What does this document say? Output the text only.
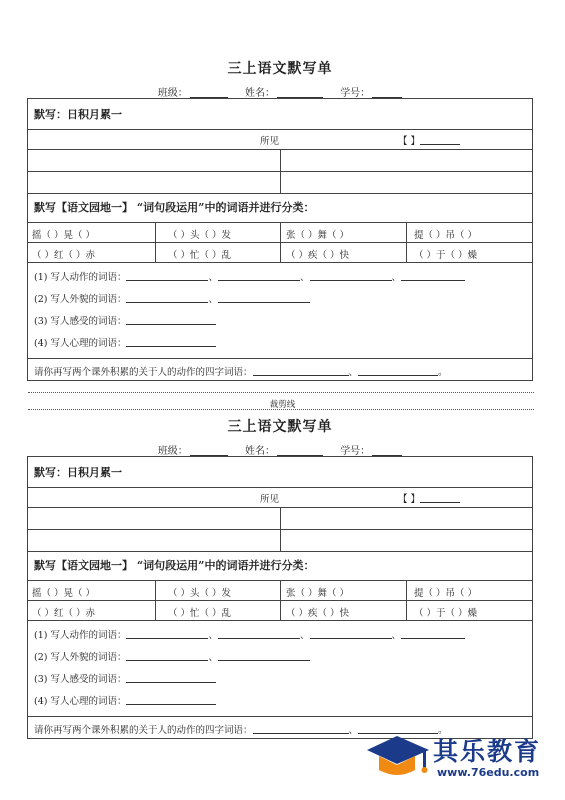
三上语文默写单
班级：	姓名：	学号：
默写：日积月累一
所见	【 】
默写【语文园地一】 “词句段运用”中的词语并进行分类：
摇（ ）晃（ ）	（ ）头（ ）发	张（ ）舞（ ）	提（ ）吊（ ）
（ ）红（ ）赤	（ ）忙（ ）乱	（ ）疾（ ）快	（ ）于（ ）燥
(1) 写人动作的词语：	、	、	、
(2) 写人外貌的词语：	、
(3) 写人感受的词语：
(4) 写人心理的词语：
请你再写两个课外积累的关于人的动作的四字词语：	、	。
裁剪线
三上语文默写单
班级：	姓名：	学号：
默写：日积月累一
所见	【 】
默写【语文园地一】 “词句段运用”中的词语并进行分类：
摇（ ）晃（ ）	（ ）头（ ）发	张（ ）舞（ ）	提（ ）吊（ ）
（ ）红（ ）赤	（ ）忙（ ）乱	（ ）疾（ ）快	（ ）于（ ）燥
(1) 写人动作的词语：	、	、	、
(2) 写人外貌的词语：	、
(3) 写人感受的词语：
(4) 写人心理的词语：
请你再写两个课外积累的关于人的动作的四字词语：	、	。
其乐教育
www.76edu.com
